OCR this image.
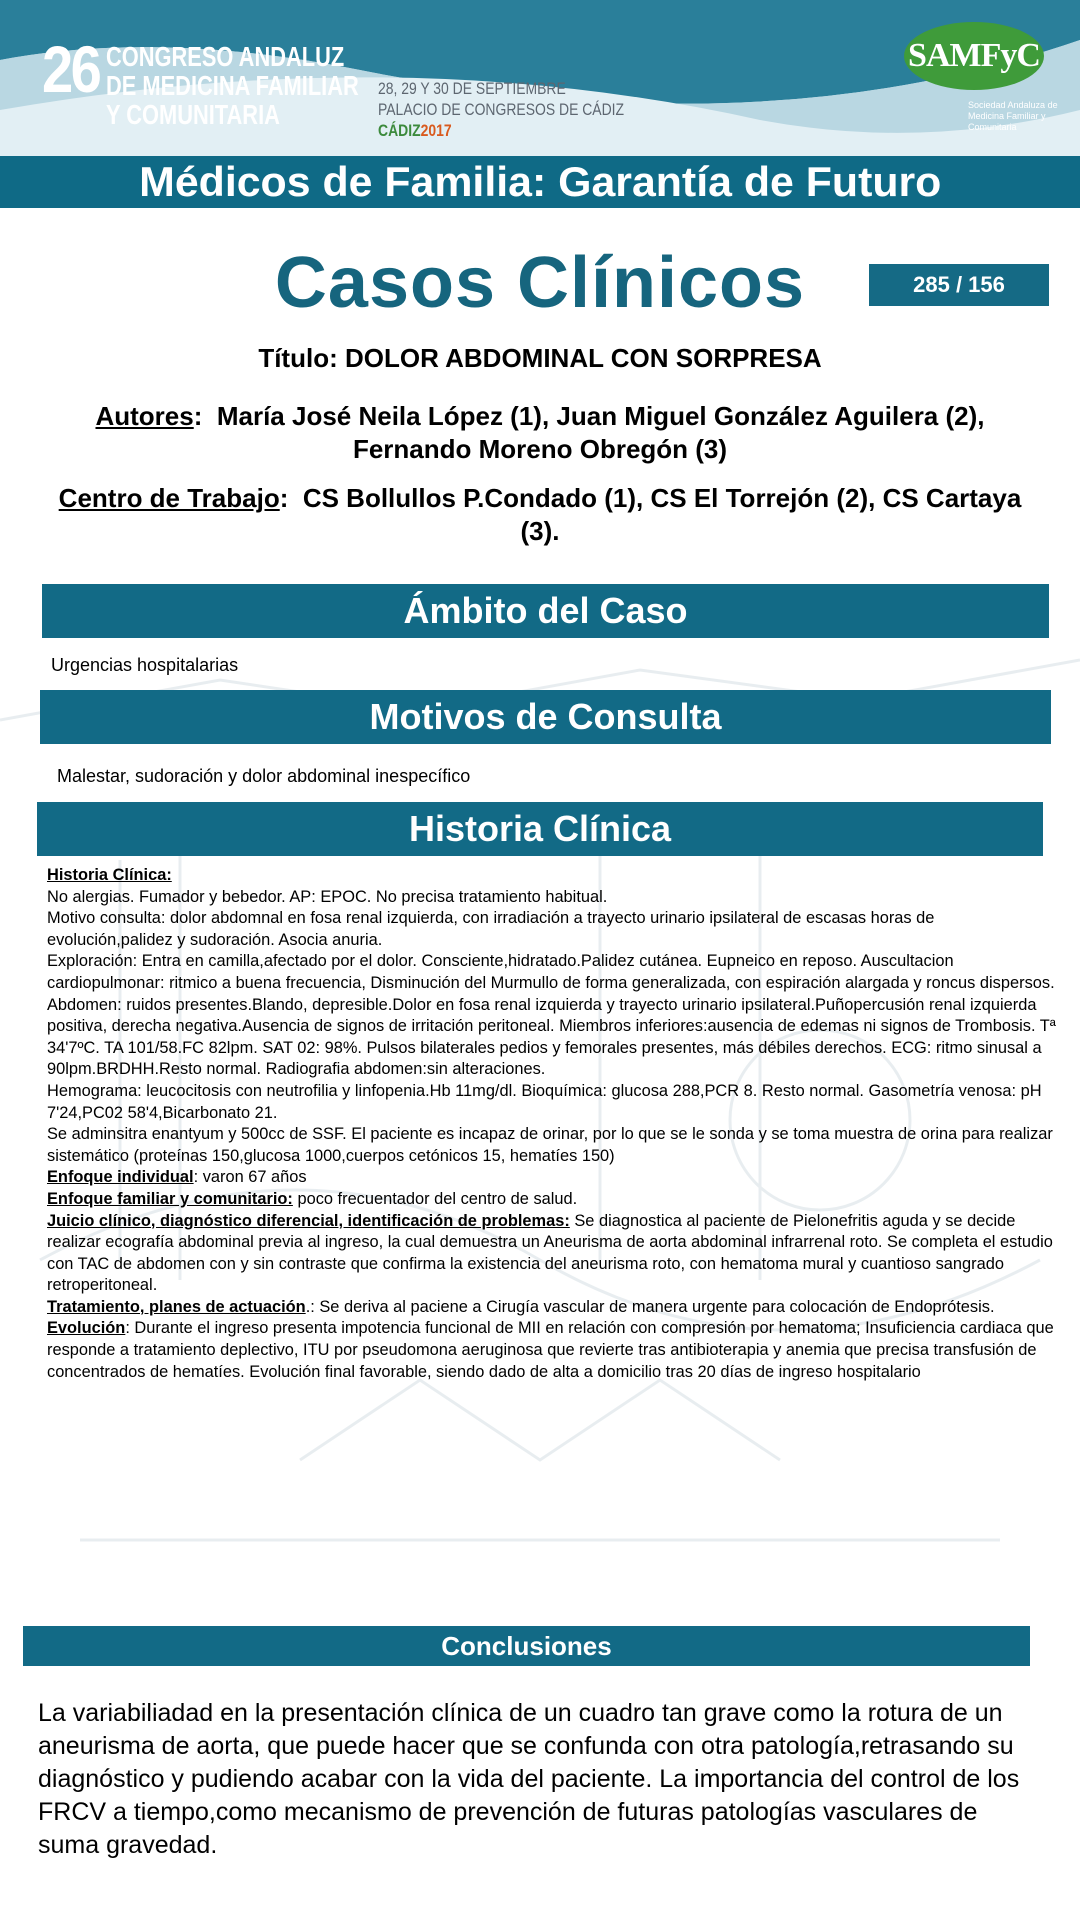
26 CONGRESO ANDALUZ
DE MEDICINA FAMILIAR
Y COMUNITARIA
28, 29 Y 30 DE SEPTIEMBRE
PALACIO DE CONGRESOS DE CÁDIZ
CÁDIZ2017
SAMFyC
Sociedad Andaluza de Medicina Familiar y Comunitaria
Médicos de Familia: Garantía de Futuro
Casos Clínicos	285 / 156
Título: DOLOR ABDOMINAL CON SORPRESA
Autores:  María José Neila López (1), Juan Miguel González Aguilera (2), Fernando Moreno Obregón (3)
Centro de Trabajo:  CS Bollullos P.Condado (1), CS El Torrejón (2), CS Cartaya (3).
Ámbito del Caso
Urgencias hospitalarias
Motivos de Consulta
Malestar, sudoración y dolor abdominal inespecífico
Historia Clínica

Historia Clínica:

No alergias. Fumador y bebedor. AP: EPOC. No precisa tratamiento habitual.

Motivo consulta: dolor abdomnal en fosa renal izquierda, con irradiación a trayecto urinario ipsilateral de escasas horas de evolución,palidez y sudoración. Asocia anuria.

Exploración: Entra en camilla,afectado por el dolor. Consciente,hidratado.Palidez cutánea. Eupneico en reposo. Auscultacion cardiopulmonar: ritmico a buena frecuencia, Disminución del Murmullo de forma generalizada, con espiración alargada y roncus dispersos. Abdomen: ruidos presentes.Blando, depresible.Dolor en fosa renal izquierda y trayecto urinario ipsilateral.Puñopercusión renal izquierda positiva, derecha negativa.Ausencia de signos de irritación peritoneal. Miembros inferiores:ausencia de edemas ni signos de Trombosis. Tª 34'7ºC. TA 101/58.FC 82lpm. SAT 02: 98%. Pulsos bilaterales pedios y femorales presentes, más débiles derechos. ECG: ritmo sinusal a 90lpm.BRDHH.Resto normal. Radiografia abdomen:sin alteraciones.

Hemograma: leucocitosis con neutrofilia y linfopenia.Hb 11mg/dl. Bioquímica: glucosa 288,PCR 8. Resto normal. Gasometría venosa: pH 7'24,PC02 58'4,Bicarbonato 21.

Se adminsitra enantyum y 500cc de SSF. El paciente es incapaz de orinar, por lo que se le sonda y se toma muestra de orina para realizar sistemático (proteínas 150,glucosa 1000,cuerpos cetónicos 15, hematíes 150)

Enfoque individual: varon 67 años

Enfoque familiar y comunitario: poco frecuentador del centro de salud.

Juicio clínico, diagnóstico diferencial, identificación de problemas: Se diagnostica al paciente de Pielonefritis aguda y se decide realizar ecografía abdominal previa al ingreso, la cual demuestra un Aneurisma de aorta abdominal infrarrenal roto. Se completa el estudio con TAC de abdomen con y sin contraste que confirma la existencia del aneurisma roto, con hematoma mural y cuantioso sangrado retroperitoneal.

Tratamiento, planes de actuación.: Se deriva al paciene a Cirugía vascular de manera urgente para colocación de Endoprótesis.

Evolución: Durante el ingreso presenta impotencia funcional de MII en relación con compresión por hematoma; Insuficiencia cardiaca que responde a tratamiento deplectivo, ITU por pseudomona aeruginosa que revierte tras antibioterapia y anemia que precisa transfusión de concentrados de hematíes. Evolución final favorable, siendo dado de alta a domicilio tras 20 días de ingreso hospitalario

Conclusiones
La variabiliadad en la presentación clínica de un cuadro tan grave como la rotura de un aneurisma de aorta, que puede hacer que se confunda con otra patología,retrasando su diagnóstico y pudiendo acabar con la vida del paciente. La importancia del control de los FRCV a tiempo,como mecanismo de prevención de futuras patologías vasculares de suma gravedad.
